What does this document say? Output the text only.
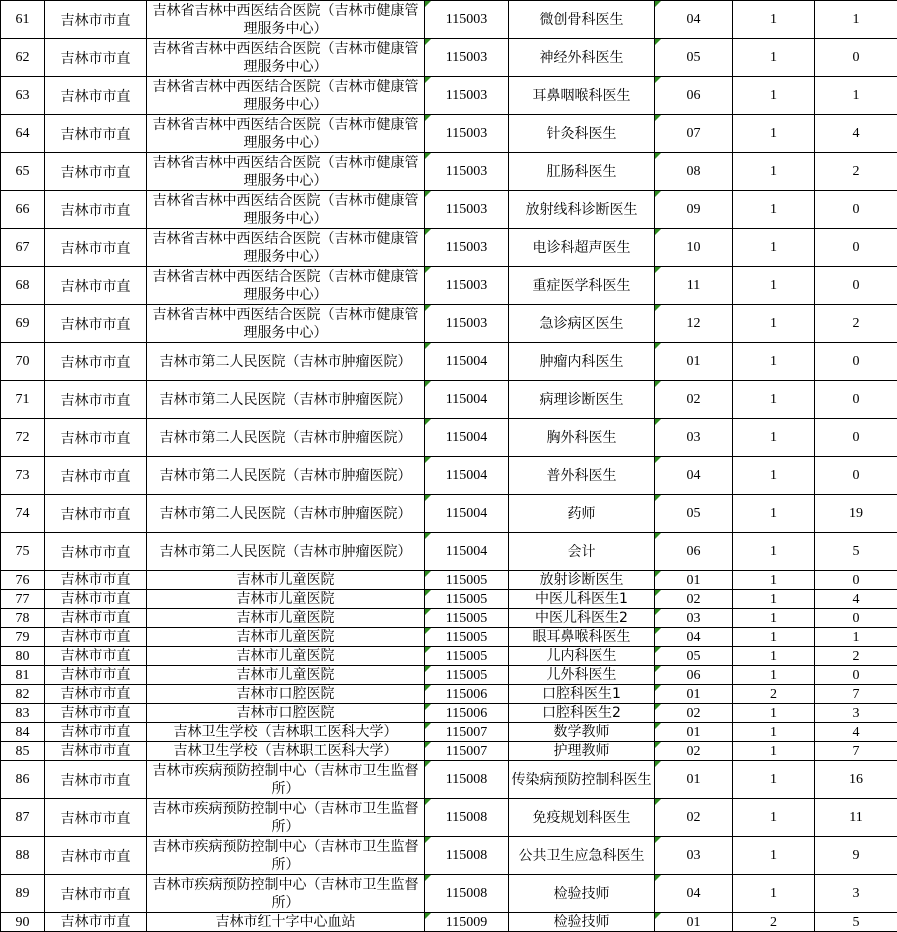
61	吉林市市直	吉林省吉林中西医结合医院（吉林市健康管理服务中心）	115003	微创骨科医生	04	1	1
62	吉林市市直	吉林省吉林中西医结合医院（吉林市健康管理服务中心）	115003	神经外科医生	05	1	0
63	吉林市市直	吉林省吉林中西医结合医院（吉林市健康管理服务中心）	115003	耳鼻咽喉科医生	06	1	1
64	吉林市市直	吉林省吉林中西医结合医院（吉林市健康管理服务中心）	115003	针灸科医生	07	1	4
65	吉林市市直	吉林省吉林中西医结合医院（吉林市健康管理服务中心）	115003	肛肠科医生	08	1	2
66	吉林市市直	吉林省吉林中西医结合医院（吉林市健康管理服务中心）	115003	放射线科诊断医生	09	1	0
67	吉林市市直	吉林省吉林中西医结合医院（吉林市健康管理服务中心）	115003	电诊科超声医生	10	1	0
68	吉林市市直	吉林省吉林中西医结合医院（吉林市健康管理服务中心）	115003	重症医学科医生	11	1	0
69	吉林市市直	吉林省吉林中西医结合医院（吉林市健康管理服务中心）	115003	急诊病区医生	12	1	2
70	吉林市市直	吉林市第二人民医院（吉林市肿瘤医院）	115004	肿瘤内科医生	01	1	0
71	吉林市市直	吉林市第二人民医院（吉林市肿瘤医院）	115004	病理诊断医生	02	1	0
72	吉林市市直	吉林市第二人民医院（吉林市肿瘤医院）	115004	胸外科医生	03	1	0
73	吉林市市直	吉林市第二人民医院（吉林市肿瘤医院）	115004	普外科医生	04	1	0
74	吉林市市直	吉林市第二人民医院（吉林市肿瘤医院）	115004	药师	05	1	19
75	吉林市市直	吉林市第二人民医院（吉林市肿瘤医院）	115004	会计	06	1	5
76	吉林市市直	吉林市儿童医院	115005	放射诊断医生	01	1	0
77	吉林市市直	吉林市儿童医院	115005	中医儿科医生1	02	1	4
78	吉林市市直	吉林市儿童医院	115005	中医儿科医生2	03	1	0
79	吉林市市直	吉林市儿童医院	115005	眼耳鼻喉科医生	04	1	1
80	吉林市市直	吉林市儿童医院	115005	儿内科医生	05	1	2
81	吉林市市直	吉林市儿童医院	115005	儿外科医生	06	1	0
82	吉林市市直	吉林市口腔医院	115006	口腔科医生1	01	2	7
83	吉林市市直	吉林市口腔医院	115006	口腔科医生2	02	1	3
84	吉林市市直	吉林卫生学校（吉林职工医科大学）	115007	数学教师	01	1	4
85	吉林市市直	吉林卫生学校（吉林职工医科大学）	115007	护理教师	02	1	7
86	吉林市市直	吉林市疾病预防控制中心（吉林市卫生监督所）	115008	传染病预防控制科医生	01	1	16
87	吉林市市直	吉林市疾病预防控制中心（吉林市卫生监督所）	115008	免疫规划科医生	02	1	11
88	吉林市市直	吉林市疾病预防控制中心（吉林市卫生监督所）	115008	公共卫生应急科医生	03	1	9
89	吉林市市直	吉林市疾病预防控制中心（吉林市卫生监督所）	115008	检验技师	04	1	3
90	吉林市市直	吉林市红十字中心血站	115009	检验技师	01	2	5
